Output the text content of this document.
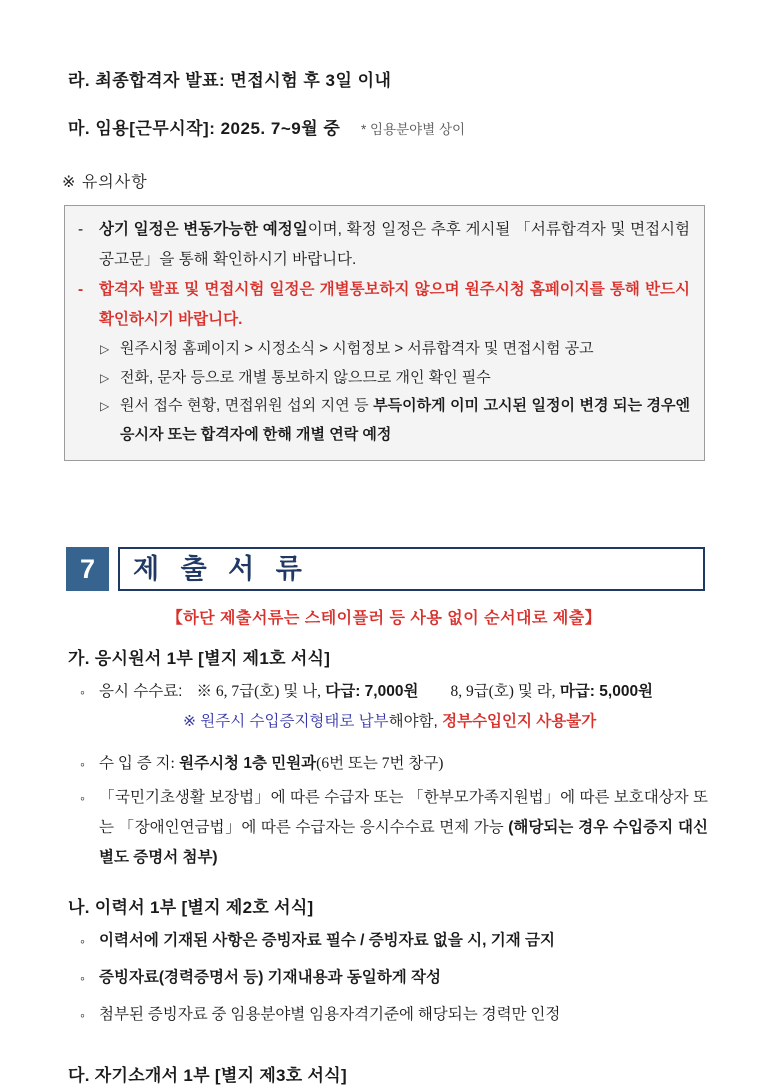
라. 최종합격자 발표: 면접시험 후 3일 이내
마. 임용[근무시작]: 2025. 7~9월 중 * 임용분야별 상이
※ 유의사항
-	상기 일정은 변동가능한 예정일이며, 확정 일정은 추후 게시될 「서류합격자 및 면접시험 공고문」을 통해 확인하시기 바랍니다.
-	합격자 발표 및 면접시험 일정은 개별통보하지 않으며 원주시청 홈페이지를 통해 반드시 확인하시기 바랍니다.
▷ 원주시청 홈페이지 > 시정소식 > 시험정보 > 서류합격자 및 면접시험 공고
▷ 전화, 문자 등으로 개별 통보하지 않으므로 개인 확인 필수
▷ 원서 접수 현황, 면접위원 섭외 지연 등 부득이하게 이미 고시된 일정이 변경 되는 경우엔 응시자 또는 합격자에 한해 개별 연락 예정
7	제 출 서 류
【하단 제출서류는 스테이플러 등 사용 없이 순서대로 제출】
가. 응시원서 1부 [별지 제1호 서식]
◦ 응시 수수료: ※ 6, 7급(호) 및 나, 다급: 7,000원 8, 9급(호) 및 라, 마급: 5,000원
※ 원주시 수입증지형태로 납부해야함, 정부수입인지 사용불가
◦ 수 입 증 지: 원주시청 1층 민원과(6번 또는 7번 창구)
◦ 「국민기초생활 보장법」에 따른 수급자 또는 「한부모가족지원법」에 따른 보호대상자 또는 「장애인연금법」에 따른 수급자는 응시수수료 면제 가능 (해당되는 경우 수입증지 대신 별도 증명서 첨부)
나. 이력서 1부 [별지 제2호 서식]
◦ 이력서에 기재된 사항은 증빙자료 필수 / 증빙자료 없을 시, 기재 금지
◦ 증빙자료(경력증명서 등) 기재내용과 동일하게 작성
◦ 첨부된 증빙자료 중 임용분야별 임용자격기준에 해당되는 경력만 인정
다. 자기소개서 1부 [별지 제3호 서식]
